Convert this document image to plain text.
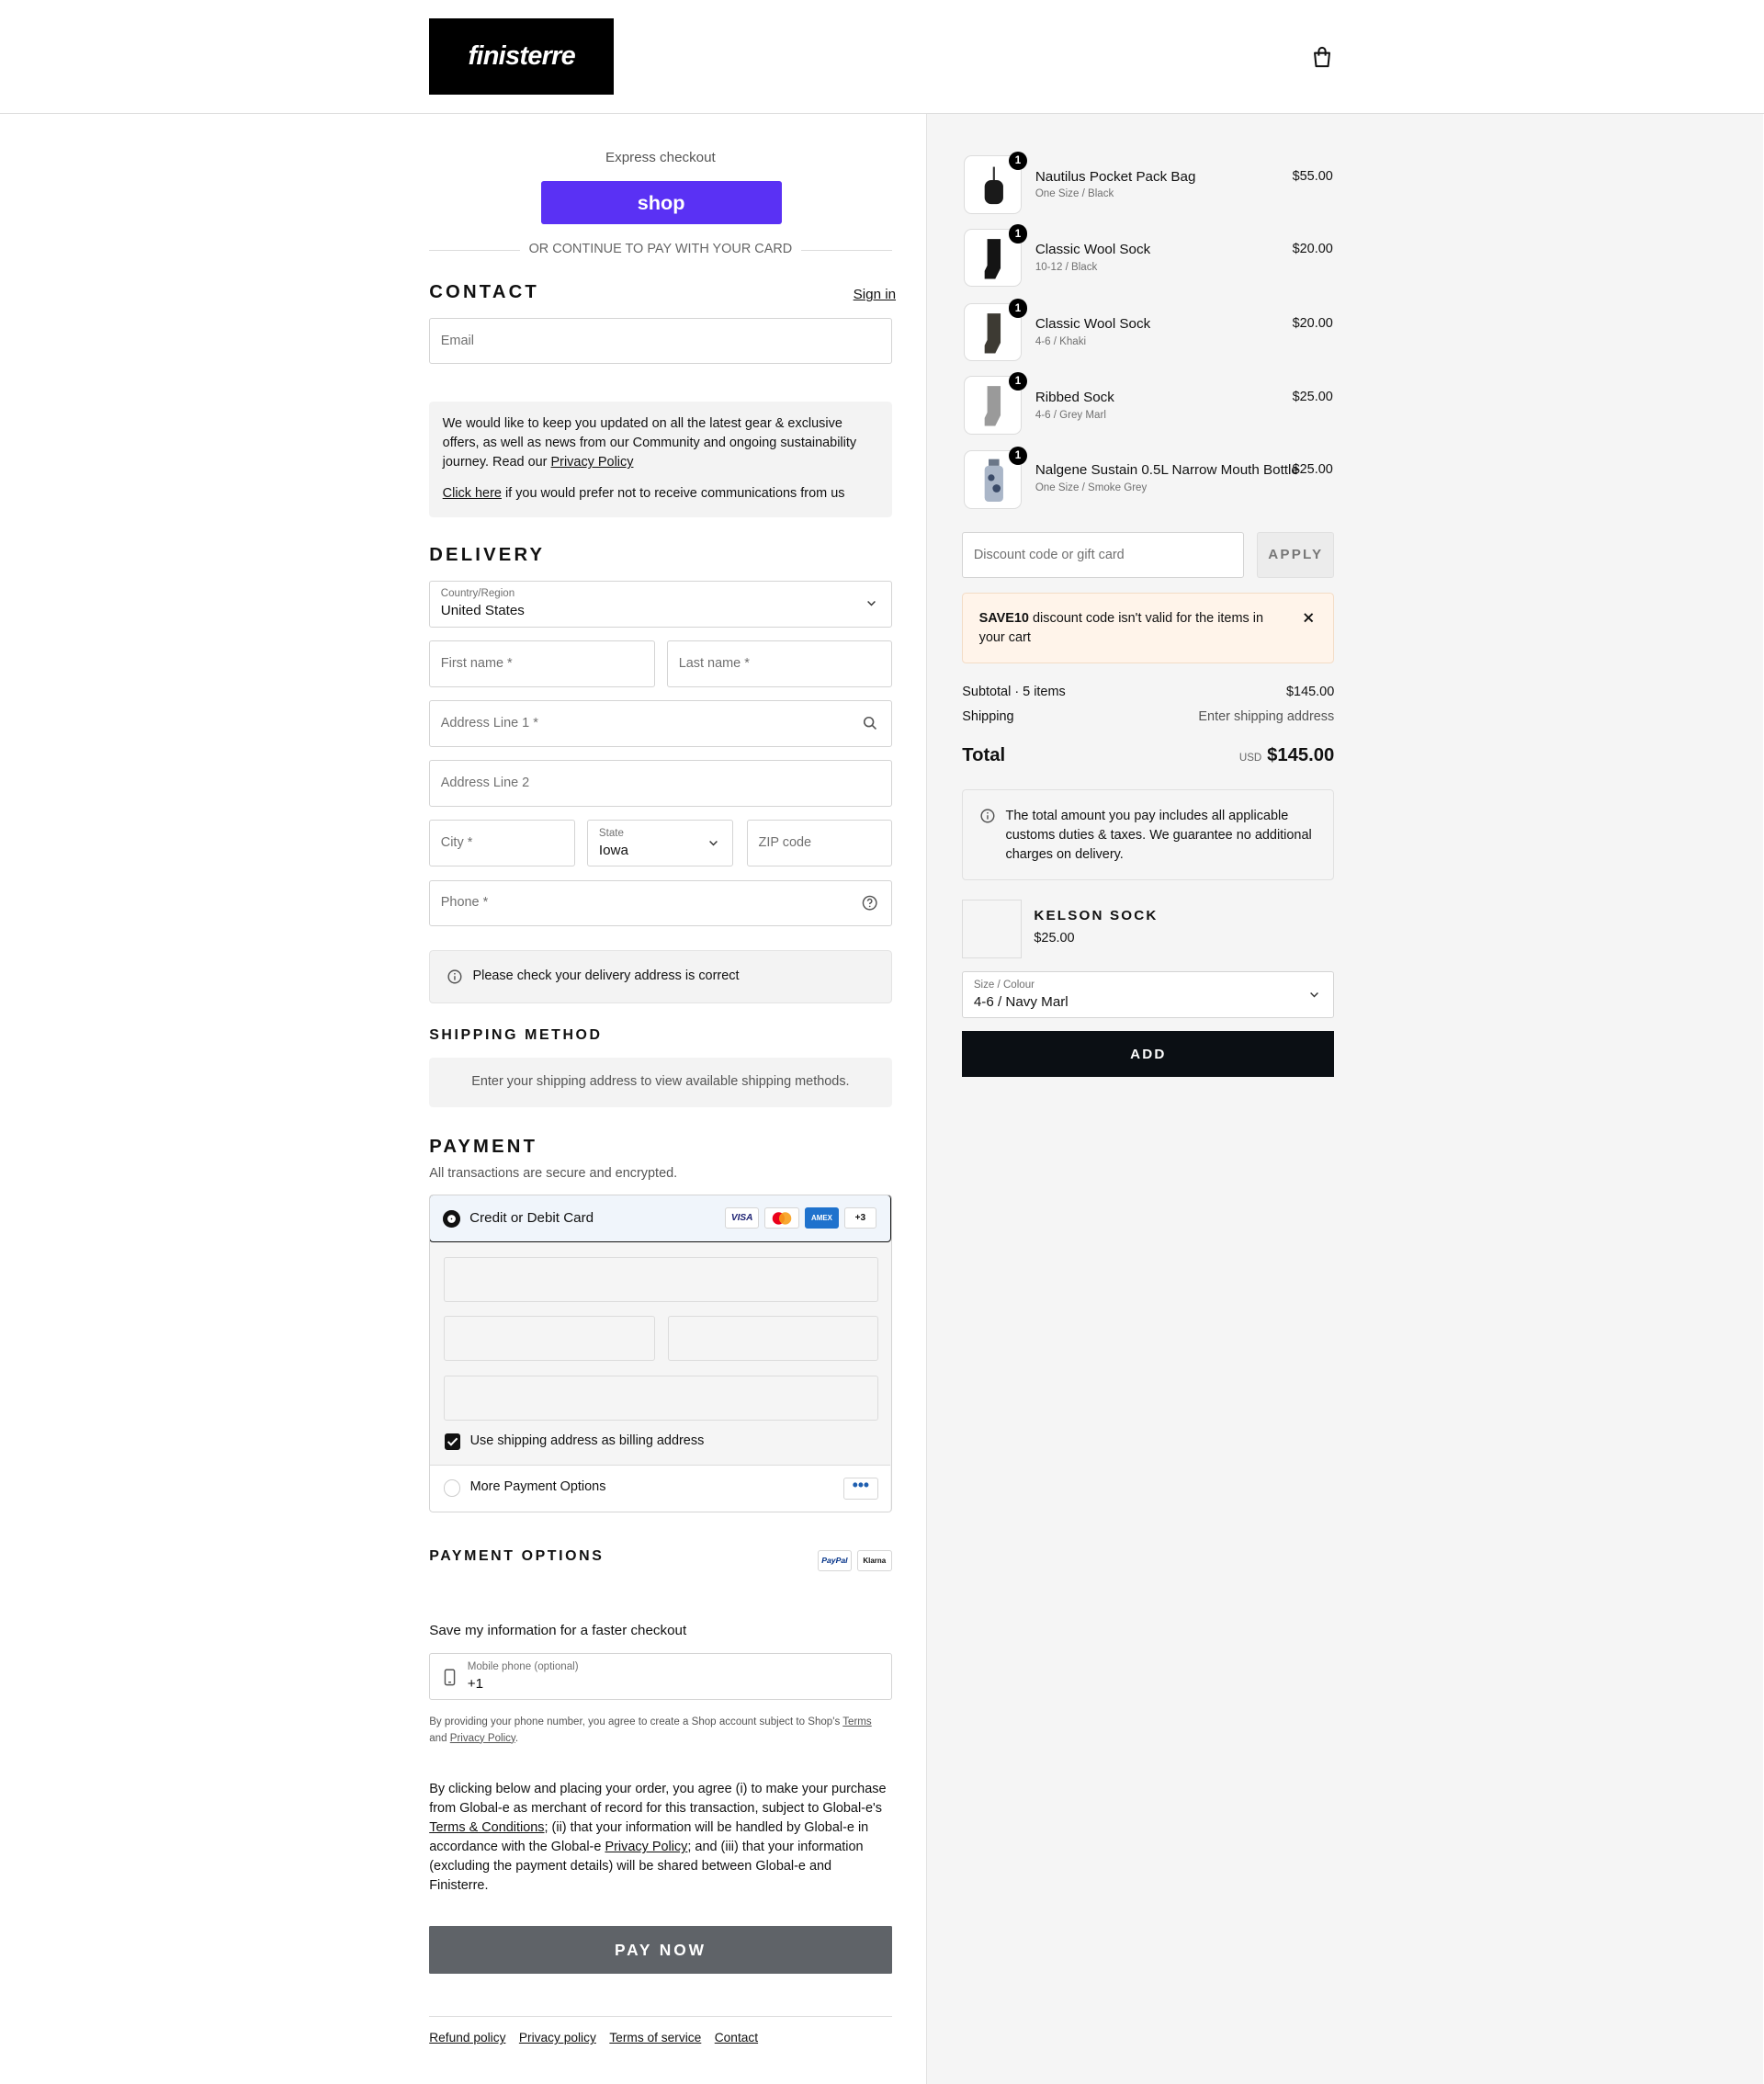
finisterre
Express checkout
shop
OR CONTINUE TO PAY WITH YOUR CARD
CONTACT	Sign in
Email
We would like to keep you updated on all the latest gear & exclusive offers, as well as news from our Community and ongoing sustainability journey. Read our Privacy Policy
Click here if you would prefer not to receive communications from us
DELIVERY
Country/Region
United States
First name *	Last name *
Address Line 1 *
Address Line 2
City *
State
Iowa	ZIP code
Phone *
Please check your delivery address is correct
SHIPPING METHOD
Enter your shipping address to view available shipping methods.
PAYMENT
All transactions are secure and encrypted.
Credit or Debit Card	VISA	AMEX	+3
Use shipping address as billing address
More Payment Options	•••
PAYMENT OPTIONS	PayPal	Klarna
Save my information for a faster checkout
Mobile phone (optional)
+1
By providing your phone number, you agree to create a Shop account subject to Shop's Terms
and Privacy Policy.
By clicking below and placing your order, you agree (i) to make your purchase from Global-e as merchant of record for this transaction, subject to Global-e's Terms & Conditions; (ii) that your information will be handled by Global-e in accordance with the Global-e Privacy Policy; and (iii) that your information (excluding the payment details) will be shared between Global-e and Finisterre.
PAY NOW
Refund policy Privacy policy Terms of service Contact
1
Nautilus Pocket Pack Bag
One Size / Black
$55.00
1
Classic Wool Sock
10-12 / Black
$20.00
1
Classic Wool Sock
4-6 / Khaki
$20.00
1
Ribbed Sock
4-6 / Grey Marl
$25.00
1
Nalgene Sustain 0.5L Narrow Mouth Bottle
One Size / Smoke Grey
$25.00
Discount code or gift card	APPLY
SAVE10 discount code isn't valid for the items in your cart
Subtotal · 5 items	$145.00
Shipping	Enter shipping address
Total	USD $145.00
The total amount you pay includes all applicable customs duties & taxes. We guarantee no additional charges on delivery.
KELSON SOCK
$25.00
Size / Colour
4-6 / Navy Marl
ADD
